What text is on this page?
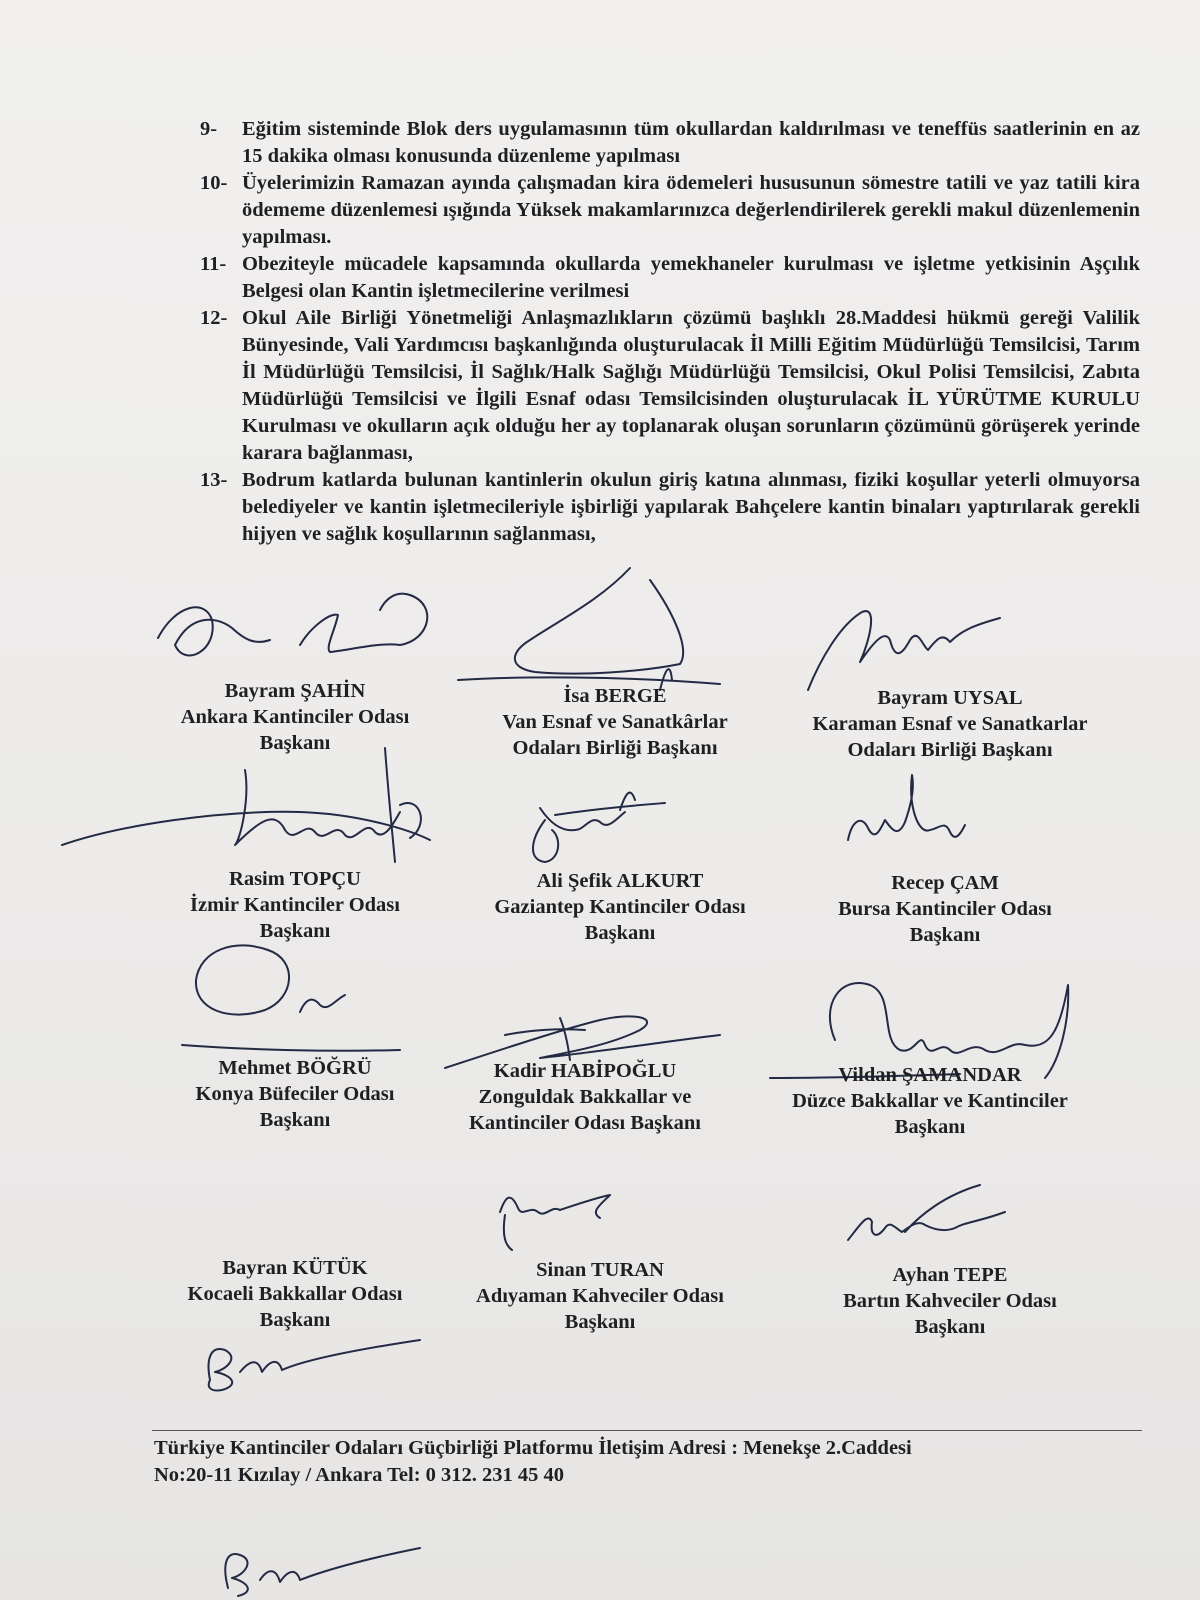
9-	Eğitim sisteminde Blok ders uygulamasının tüm okullardan kaldırılması ve teneffüs saatlerinin en az 15 dakika olması konusunda düzenleme yapılması
10- Üyelerimizin Ramazan ayında çalışmadan kira ödemeleri hususunun sömestre tatili ve yaz tatili kira ödememe düzenlemesi ışığında Yüksek makamlarınızca değerlendirilerek gerekli makul düzenlemenin yapılması.
11- Obeziteyle mücadele kapsamında okullarda yemekhaneler kurulması ve işletme yetkisinin Aşçılık Belgesi olan Kantin işletmecilerine verilmesi
12- Okul Aile Birliği Yönetmeliği Anlaşmazlıkların çözümü başlıklı 28.Maddesi hükmü gereği Valilik Bünyesinde, Vali Yardımcısı başkanlığında oluşturulacak İl Milli Eğitim Müdürlüğü Temsilcisi, Tarım İl Müdürlüğü Temsilcisi, İl Sağlık/Halk Sağlığı Müdürlüğü Temsilcisi, Okul Polisi Temsilcisi, Zabıta Müdürlüğü Temsilcisi ve İlgili Esnaf odası Temsilcisinden oluşturulacak İL YÜRÜTME KURULU Kurulması ve okulların açık olduğu her ay toplanarak oluşan sorunların çözümünü görüşerek yerinde karara bağlanması,
13- Bodrum katlarda bulunan kantinlerin okulun giriş katına alınması, fiziki koşullar yeterli olmuyorsa belediyeler ve kantin işletmecileriyle işbirliği yapılarak Bahçelere kantin binaları yaptırılarak gerekli hijyen ve sağlık koşullarının sağlanması,
Bayram ŞAHİN
Ankara Kantinciler Odası
Başkanı
İsa BERGE
Van Esnaf ve Sanatkârlar
Odaları Birliği Başkanı
Bayram UYSAL
Karaman Esnaf ve Sanatkarlar
Odaları Birliği Başkanı
Rasim TOPÇU
İzmir Kantinciler Odası
Başkanı
Ali Şefik ALKURT
Gaziantep Kantinciler Odası
Başkanı
Recep ÇAM
Bursa Kantinciler Odası
Başkanı
Mehmet BÖĞRÜ
Konya Büfeciler Odası
Başkanı
Kadir HABİPOĞLU
Zonguldak Bakkallar ve
Kantinciler Odası Başkanı
Vildan ŞAMANDAR
Düzce Bakkallar ve Kantinciler
Başkanı
Bayran KÜTÜK
Kocaeli Bakkallar Odası
Başkanı
Sinan TURAN
Adıyaman Kahveciler Odası
Başkanı
Ayhan TEPE
Bartın Kahveciler Odası
Başkanı
Türkiye Kantinciler Odaları Güçbirliği Platformu İletişim Adresi : Menekşe 2.Caddesi
No:20-11 Kızılay / Ankara Tel: 0 312. 231 45 40
